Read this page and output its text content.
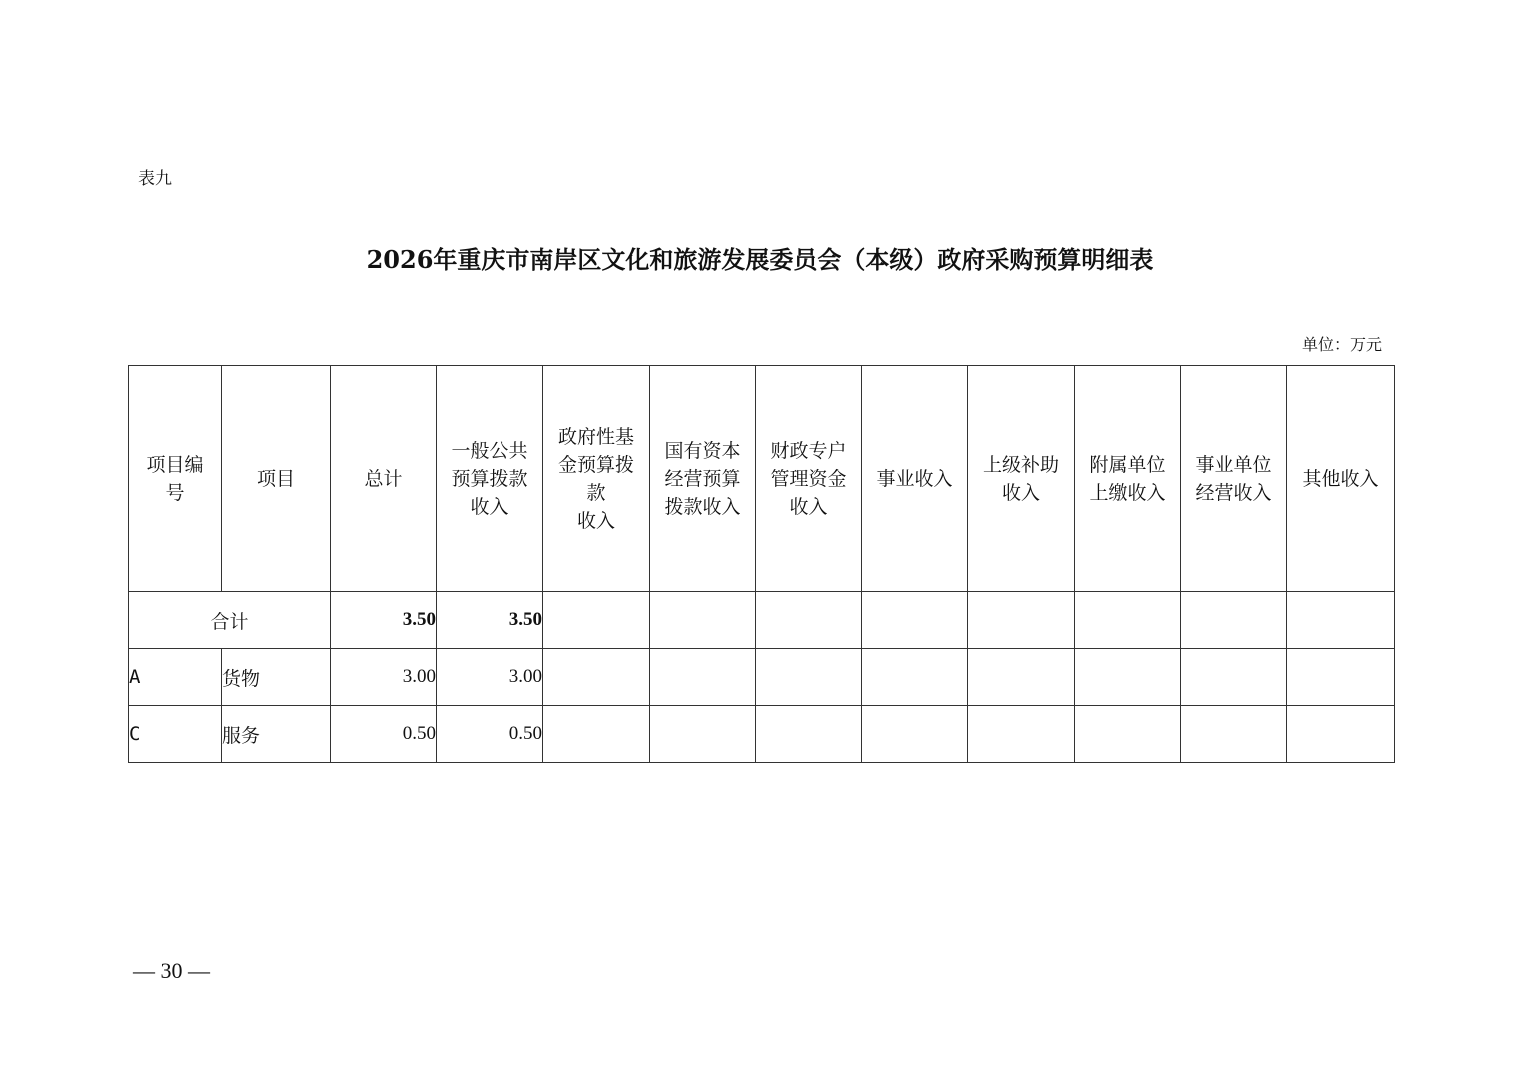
表九
2026年重庆市南岸区文化和旅游发展委员会（本级）政府采购预算明细表
单位：万元
项目编
号	项目	总计	一般公共
预算拨款
收入	政府性基
金预算拨
款
收入	国有资本
经营预算
拨款收入	财政专户
管理资金
收入	事业收入	上级补助
收入	附属单位
上缴收入	事业单位
经营收入	其他收入

合计		3.50	3.50								
A	货物	3.00	3.00								
C	服务	0.50	0.50								
— 30 —
